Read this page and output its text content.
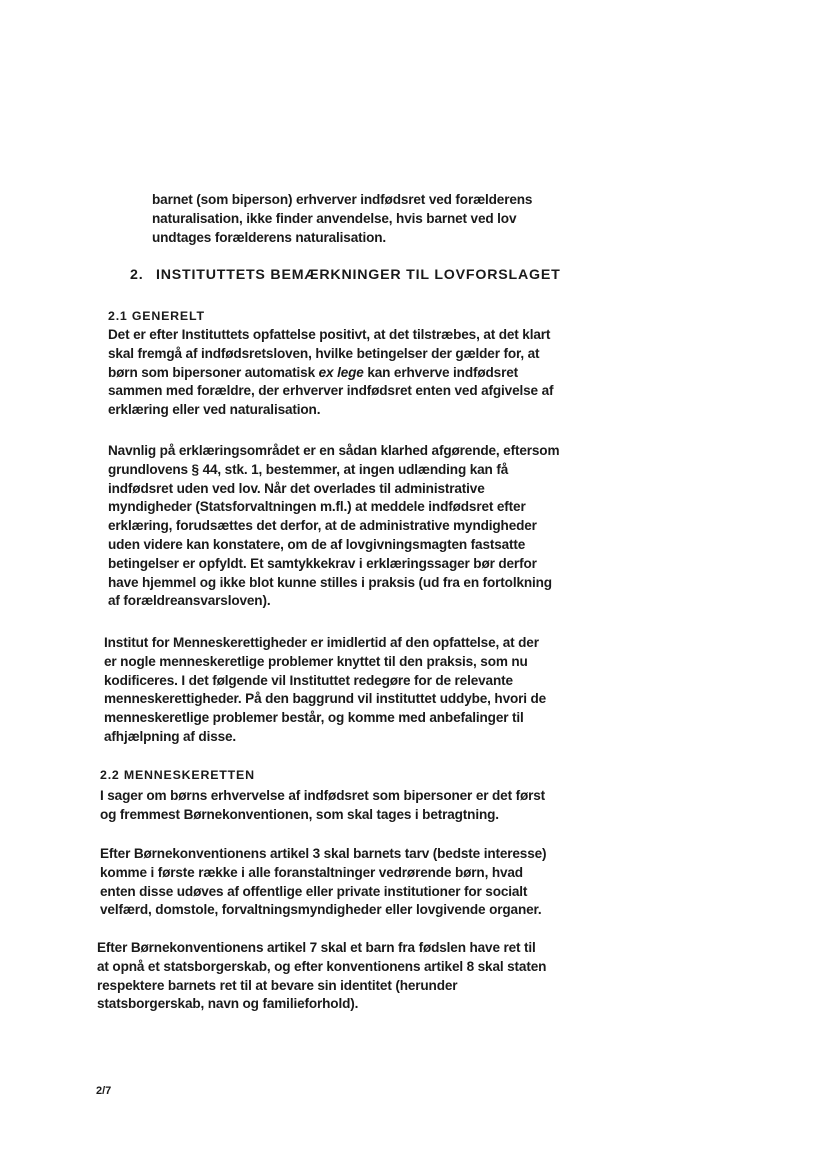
barnet (som biperson) erhverver indfødsret ved forælderens
naturalisation, ikke finder anvendelse, hvis barnet ved lov
undtages forælderens naturalisation.

2. INSTITUTTETS BEMÆRKNINGER TIL LOVFORSLAGET
2.1 GENERELT

Det er efter Instituttets opfattelse positivt, at det tilstræbes, at det klart
skal fremgå af indfødsretsloven, hvilke betingelser der gælder for, at
børn som bipersoner automatisk ex lege kan erhverve indfødsret
sammen med forældre, der erhverver indfødsret enten ved afgivelse af
erklæring eller ved naturalisation.

Navnlig på erklæringsområdet er en sådan klarhed afgørende, eftersom
grundlovens § 44, stk. 1, bestemmer, at ingen udlænding kan få
indfødsret uden ved lov. Når det overlades til administrative
myndigheder (Statsforvaltningen m.fl.) at meddele indfødsret efter
erklæring, forudsættes det derfor, at de administrative myndigheder
uden videre kan konstatere, om de af lovgivningsmagten fastsatte
betingelser er opfyldt. Et samtykkekrav i erklæringssager bør derfor
have hjemmel og ikke blot kunne stilles i praksis (ud fra en fortolkning
af forældreansvarsloven).

Institut for Menneskerettigheder er imidlertid af den opfattelse, at der
er nogle menneskeretlige problemer knyttet til den praksis, som nu
kodificeres. I det følgende vil Instituttet redegøre for de relevante
menneskerettigheder. På den baggrund vil instituttet uddybe, hvori de
menneskeretlige problemer består, og komme med anbefalinger til
afhjælpning af disse.

2.2 MENNESKERETTEN

I sager om børns erhvervelse af indfødsret som bipersoner er det først
og fremmest Børnekonventionen, som skal tages i betragtning.

Efter Børnekonventionens artikel 3 skal barnets tarv (bedste interesse)
komme i første række i alle foranstaltninger vedrørende børn, hvad
enten disse udøves af offentlige eller private institutioner for socialt
velfærd, domstole, forvaltningsmyndigheder eller lovgivende organer.

Efter Børnekonventionens artikel 7 skal et barn fra fødslen have ret til
at opnå et statsborgerskab, og efter konventionens artikel 8 skal staten
respektere barnets ret til at bevare sin identitet (herunder
statsborgerskab, navn og familieforhold).

2/7
